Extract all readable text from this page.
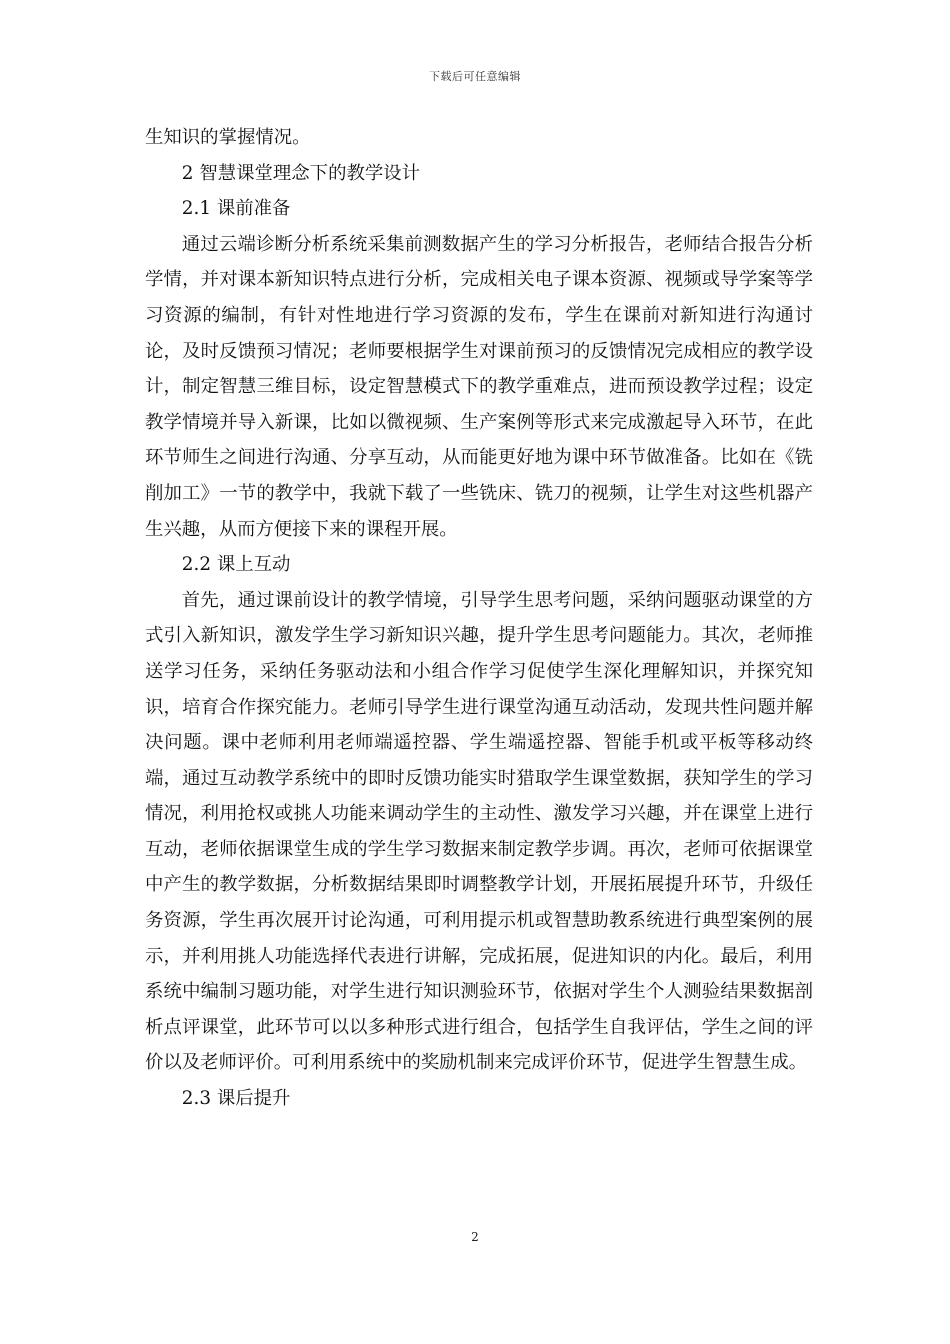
下载后可任意编辑

生知识的掌握情况。

2 智慧课堂理念下的教学设计

2.1 课前准备

通过云端诊断分析系统采集前测数据产生的学习分析报告，老师结合报告分析学情，并对课本新知识特点进行分析，完成相关电子课本资源、视频或导学案等学习资源的编制，有针对性地进行学习资源的发布，学生在课前对新知进行沟通讨论，及时反馈预习情况；老师要根据学生对课前预习的反馈情况完成相应的教学设计，制定智慧三维目标，设定智慧模式下的教学重难点，进而预设教学过程；设定教学情境并导入新课，比如以微视频、生产案例等形式来完成激起导入环节，在此环节师生之间进行沟通、分享互动，从而能更好地为课中环节做准备。比如在《铣削加工》一节的教学中，我就下载了一些铣床、铣刀的视频，让学生对这些机器产生兴趣，从而方便接下来的课程开展。

2.2 课上互动

首先，通过课前设计的教学情境，引导学生思考问题，采纳问题驱动课堂的方式引入新知识，激发学生学习新知识兴趣，提升学生思考问题能力。其次，老师推送学习任务，采纳任务驱动法和小组合作学习促使学生深化理解知识，并探究知识，培育合作探究能力。老师引导学生进行课堂沟通互动活动，发现共性问题并解决问题。课中老师利用老师端遥控器、学生端遥控器、智能手机或平板等移动终端，通过互动教学系统中的即时反馈功能实时猎取学生课堂数据，获知学生的学习情况，利用抢权或挑人功能来调动学生的主动性、激发学习兴趣，并在课堂上进行互动，老师依据课堂生成的学生学习数据来制定教学步调。再次，老师可依据课堂中产生的教学数据，分析数据结果即时调整教学计划，开展拓展提升环节，升级任务资源，学生再次展开讨论沟通，可利用提示机或智慧助教系统进行典型案例的展示，并利用挑人功能选择代表进行讲解，完成拓展，促进知识的内化。最后，利用系统中编制习题功能，对学生进行知识测验环节，依据对学生个人测验结果数据剖析点评课堂，此环节可以以多种形式进行组合，包括学生自我评估，学生之间的评价以及老师评价。可利用系统中的奖励机制来完成评价环节，促进学生智慧生成。

2.3 课后提升

2
